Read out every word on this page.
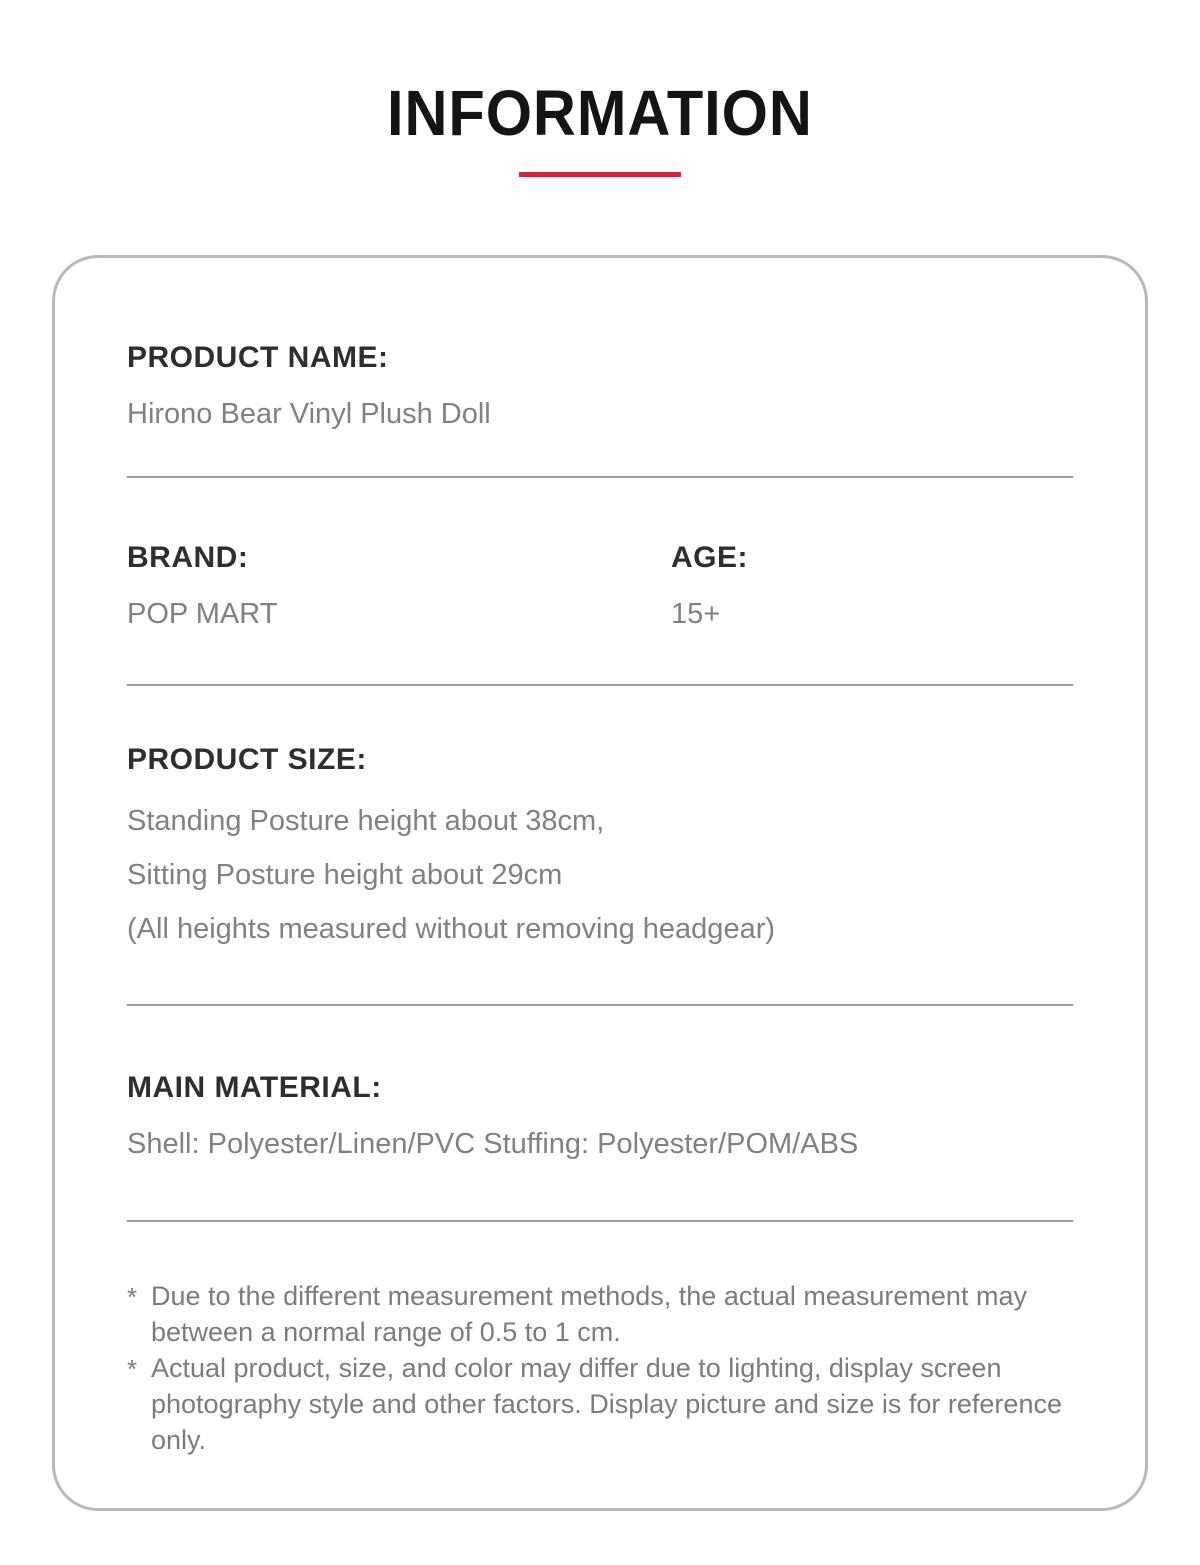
INFORMATION
PRODUCT NAME:
Hirono Bear Vinyl Plush Doll
BRAND:
POP MART
AGE:
15+
PRODUCT SIZE:
Standing Posture height about 38cm,
Sitting Posture height about 29cm
(All heights measured without removing headgear)
MAIN MATERIAL:
Shell: Polyester/Linen/PVC Stuffing: Polyester/POM/ABS
* Due to the different measurement methods, the actual measurement may between a normal range of 0.5 to 1 cm.
* Actual product, size, and color may differ due to lighting, display screen photography style and other factors. Display picture and size is for reference only.
